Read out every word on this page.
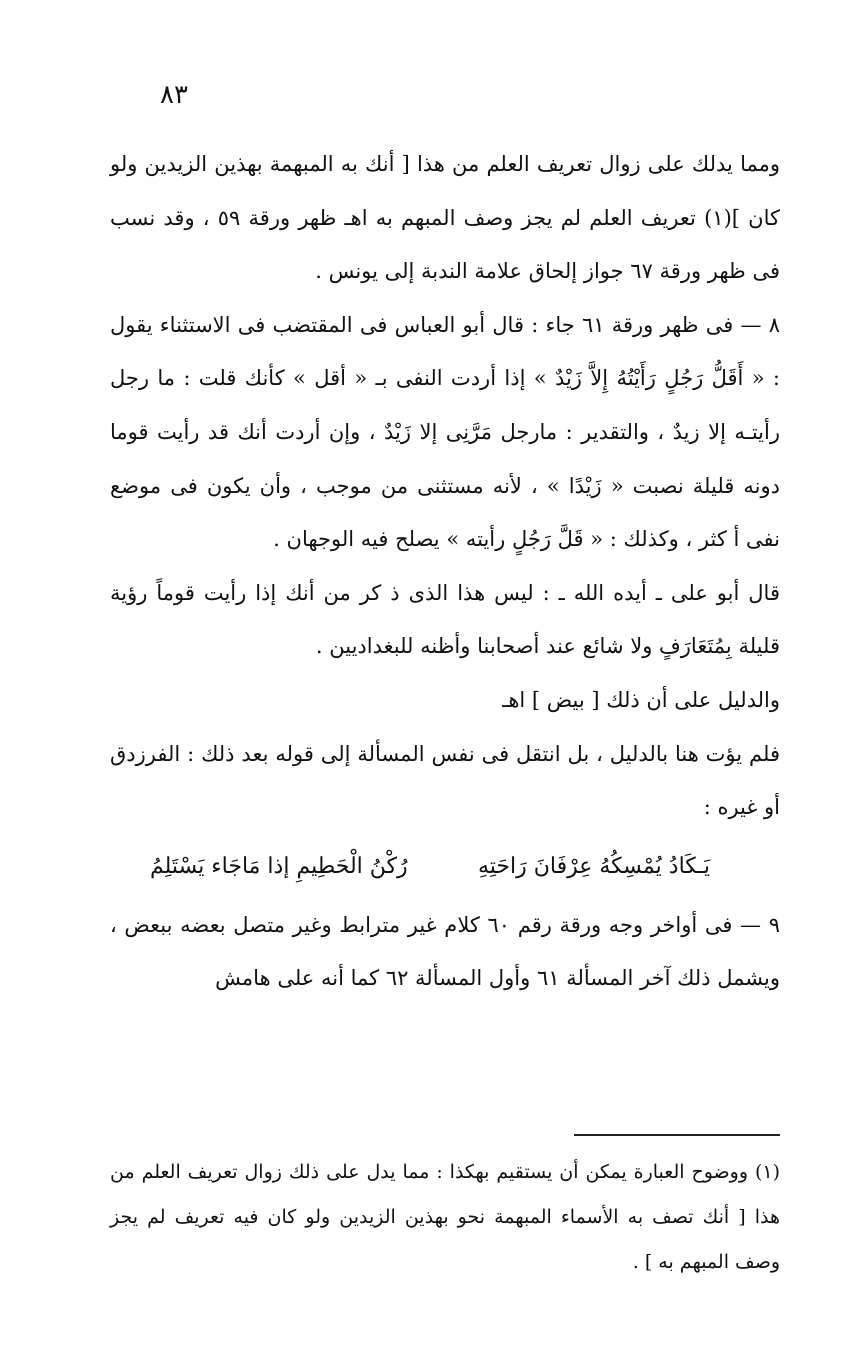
٨٣

ومما يدلك على زوال تعريف العلم من هذا [ أنك به المبهمة بهذين الزيدين ولو كان ](١) تعريف العلم لم يجز وصف المبهم به اهـ ظهر ورقة ٥٩ ، وقد نسب فى ظهر ورقة ٦٧ جواز إلحاق علامة الندبة إلى يونس .

٨ — فى ظهر ورقة ٦١ جاء : قال أبو العباس فى المقتضب فى الاستثناء يقول : « أَقَلُّ رَجُلٍ رَأَيْتُهُ إِلاَّ زَيْدٌ » إذا أردت النفى بـ « أقل » كأنك قلت : ما رجل رأيتـه إلا زيدٌ ، والتقدير : مارجل مَرَّنِى إلا زَيْدٌ ، وإن أردت أنك قد رأيت قوما دونه قليلة نصبت « زَيْدًا » ، لأنه مستثنى من موجب ، وأن يكون فى موضع نفى أ كثر ، وكذلك : « قَلَّ رَجُلٍ رأيته » يصلح فيه الوجهان .

قال أبو على ـ أيده الله ـ : ليس هذا الذى ذ كر من أنك إذا رأيت قوماً رؤية قليلة بِمُتَعَارَفٍ ولا شائع عند أصحابنا وأظنه للبغداديين .

والدليل على أن ذلك [ بيض ] اهـ

فلم يؤت هنا بالدليل ، بل انتقل فى نفس المسألة إلى قوله بعد ذلك : الفرزدق أو غيره :

يَـكَادُ يُمْسِكُهُ عِرْفَانَ رَاحَتِهِ
رُكْنُ الْحَطِيمِ إذا مَاجَاء يَسْتَلِمُ

٩ — فى أواخر وجه ورقة رقم ٦٠ كلام غير مترابط وغير متصل بعضه ببعض ، ويشمل ذلك آخر المسألة ٦١ وأول المسألة ٦٢ كما أنه على هامش

(١) ووضوح العبارة يمكن أن يستقيم بهكذا : مما يدل على ذلك زوال تعريف العلم من هذا [ أنك تصف به الأسماء المبهمة نحو بهذين الزيدين ولو كان فيه تعريف لم يجز وصف المبهم به ] .
